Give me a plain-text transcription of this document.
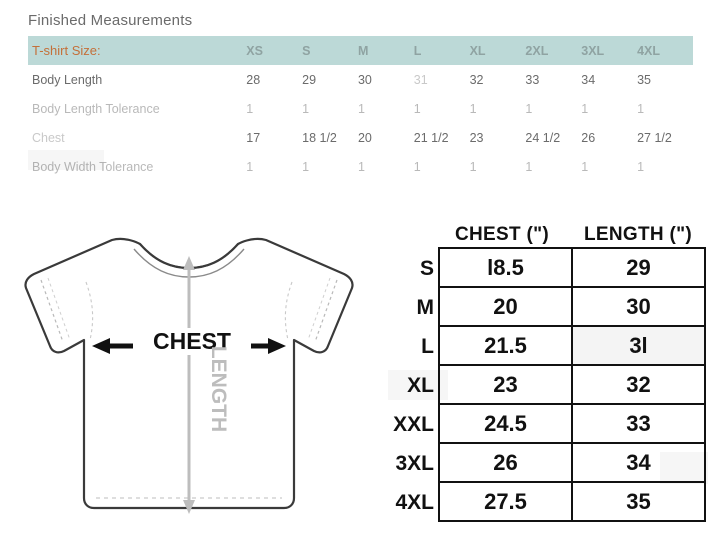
Finished Measurements
T-shirt Size:	XS	S	M	L	XL	2XL	3XL	4XL
Body Length	28	29	30	31	32	33	34	35
Body Length Tolerance	1	1	1	1	1	1	1	1
Chest	17	18 1/2	20	21 1/2	23	24 1/2	26	27 1/2
Body Width Tolerance	1	1	1	1	1	1	1	1
CHEST
LENGTH
CHEST (")	LENGTH (")
S	l8.5	29
M	20	30
L	21.5	3l
XL	23	32
XXL	24.5	33
3XL	26	34
4XL	27.5	35
